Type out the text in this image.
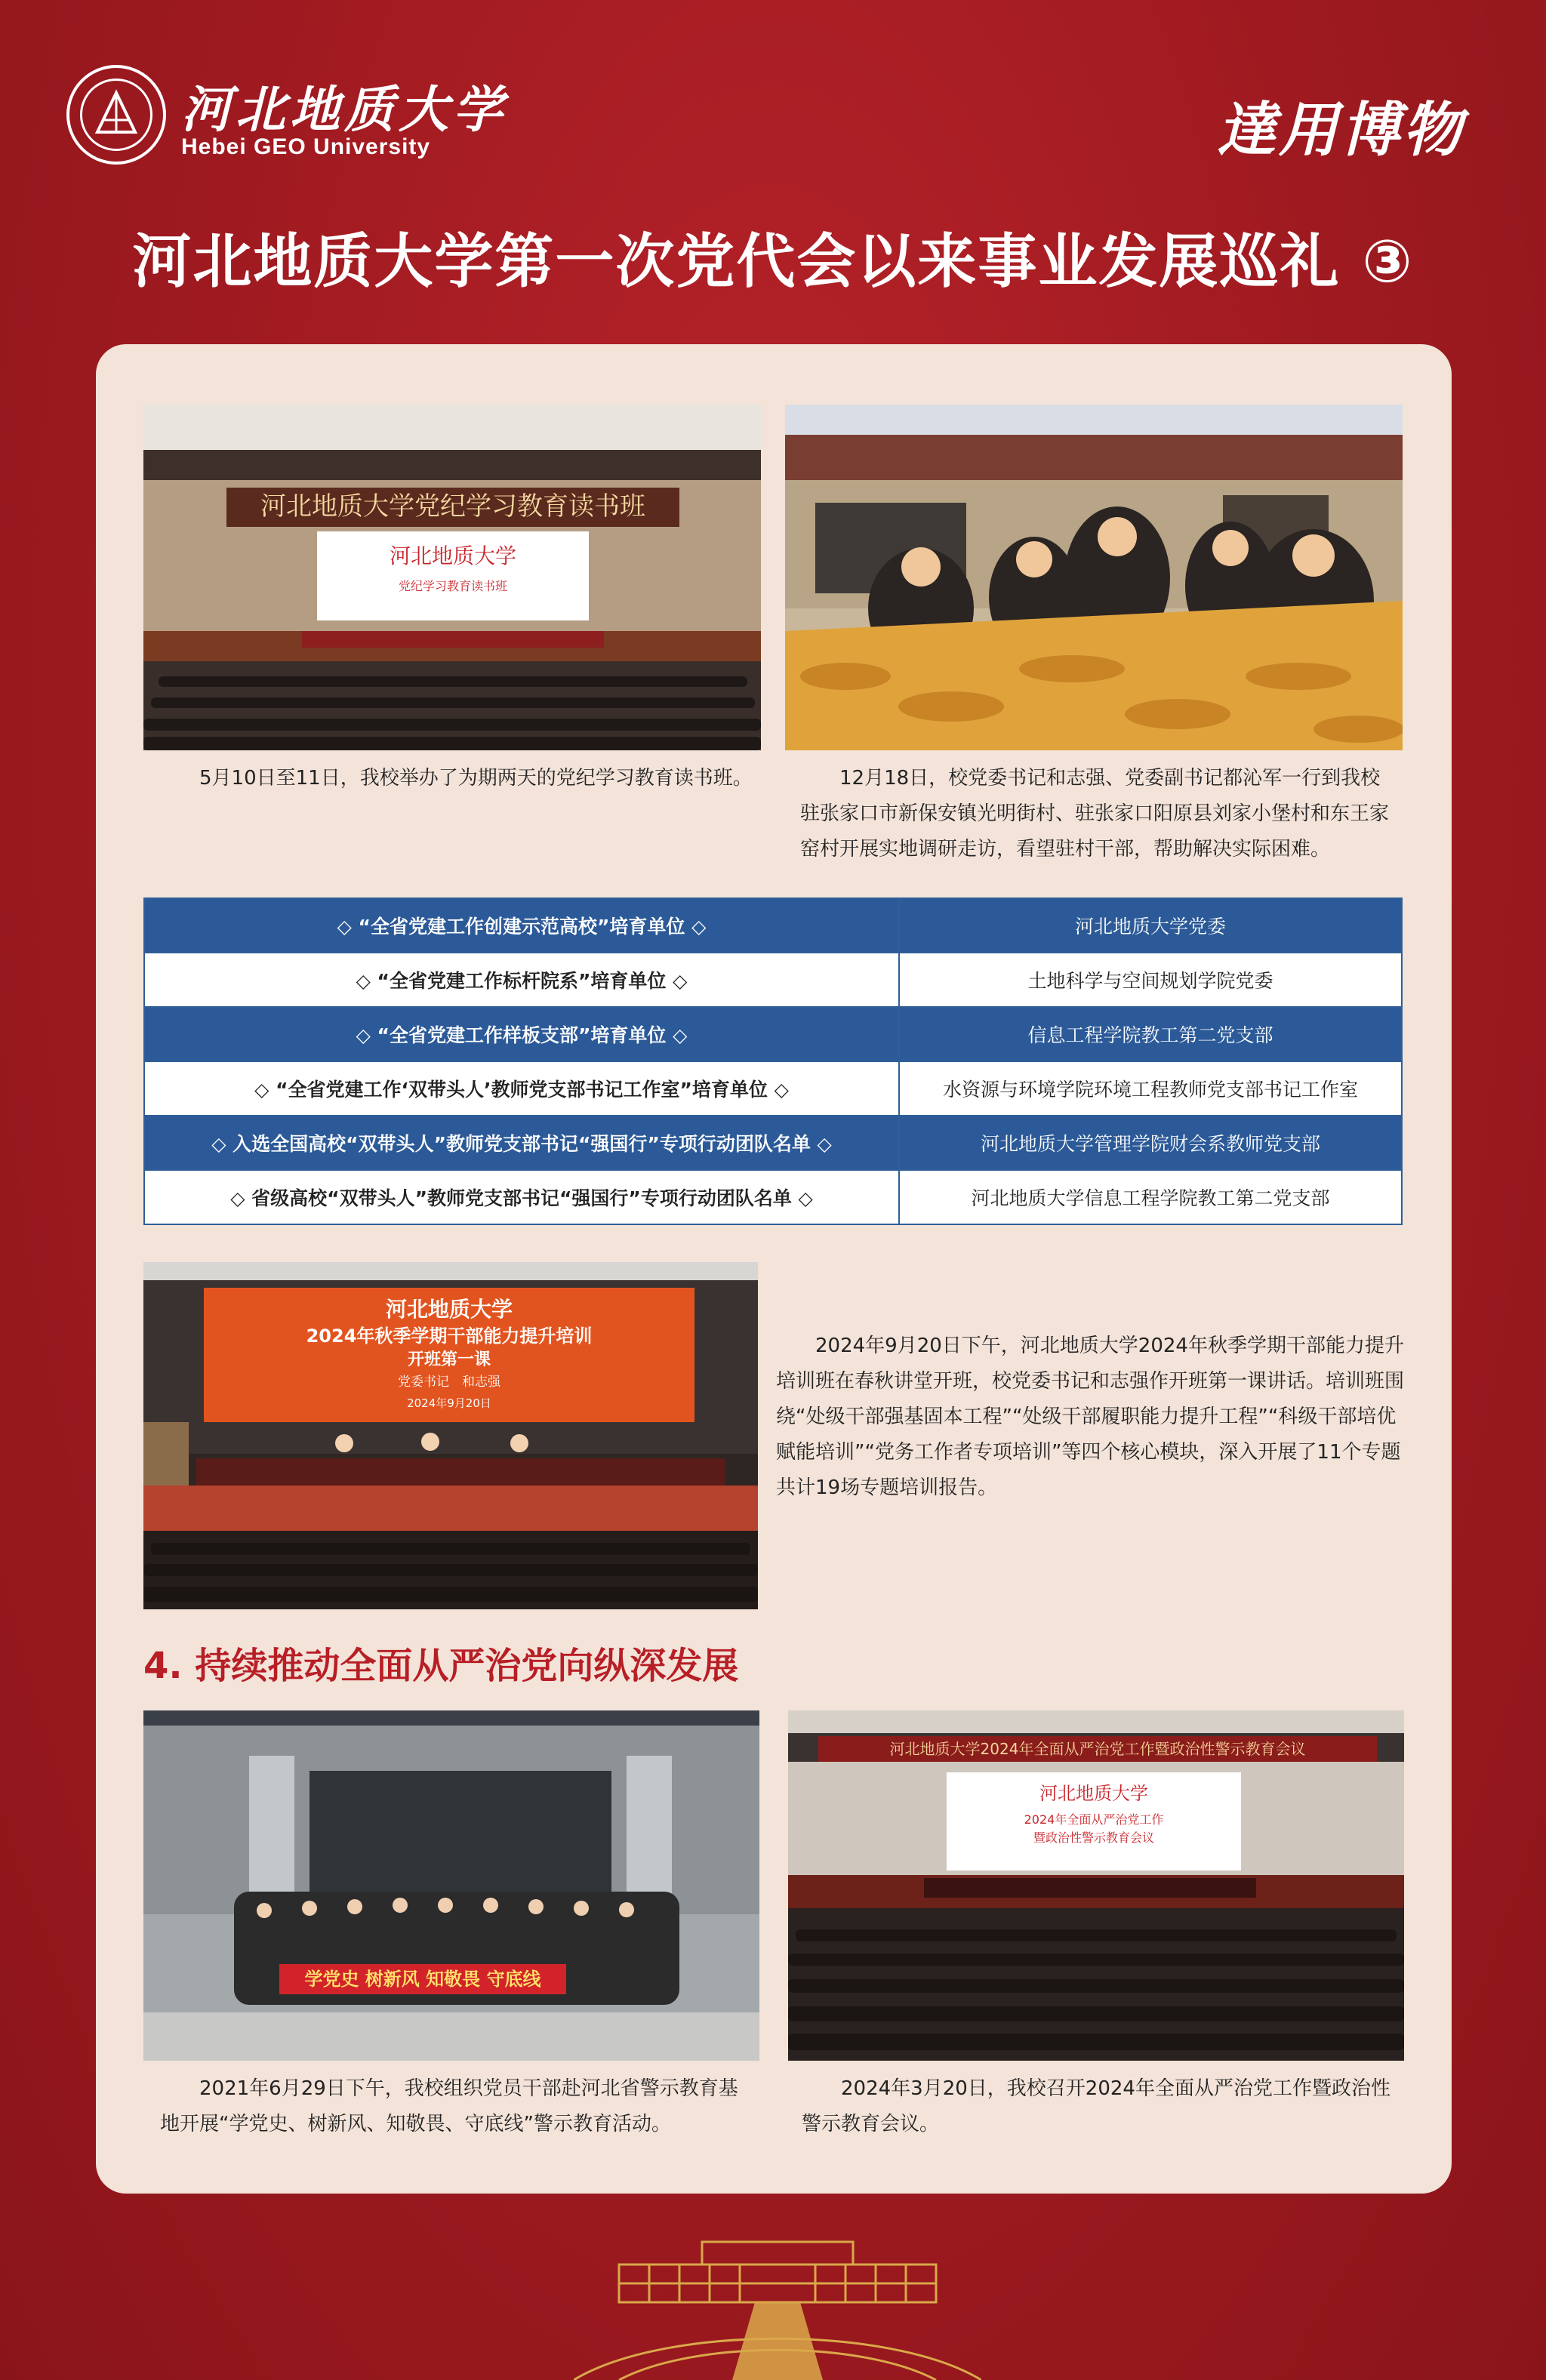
河北地质大学
Hebei GEO University	達用博物
河北地质大学第一次党代会以来事业发展巡礼 ③
河北地质大学党纪学习教育读书班
河北地质大学
党纪学习教育读书班
5月10日至11日，我校举办了为期两天的党纪学习教育读书班。	12月18日，校党委书记和志强、党委副书记都沁军一行到我校驻张家口市新保安镇光明街村、驻张家口阳原县刘家小堡村和东王家窑村开展实地调研走访，看望驻村干部，帮助解决实际困难。
◇ “全省党建工作创建示范高校”培育单位 ◇	河北地质大学党委
◇ “全省党建工作标杆院系”培育单位 ◇	土地科学与空间规划学院党委
◇ “全省党建工作样板支部”培育单位 ◇	信息工程学院教工第二党支部
◇ “全省党建工作‘双带头人’教师党支部书记工作室”培育单位 ◇	水资源与环境学院环境工程教师党支部书记工作室
◇ 入选全国高校“双带头人”教师党支部书记“强国行”专项行动团队名单 ◇	河北地质大学管理学院财会系教师党支部
◇ 省级高校“双带头人”教师党支部书记“强国行”专项行动团队名单 ◇	河北地质大学信息工程学院教工第二党支部
河北地质大学
2024年秋季学期干部能力提升培训
开班第一课
党委书记　和志强
2024年9月20日
2024年9月20日下午，河北地质大学2024年秋季学期干部能力提升培训班在春秋讲堂开班，校党委书记和志强作开班第一课讲话。培训班围绕“处级干部强基固本工程”“处级干部履职能力提升工程”“科级干部培优赋能培训”“党务工作者专项培训”等四个核心模块，深入开展了11个专题共计19场专题培训报告。
4. 持续推动全面从严治党向纵深发展
学党史 树新风 知敬畏 守底线
河北地质大学2024年全面从严治党工作暨政治性警示教育会议
河北地质大学
2024年全面从严治党工作
暨政治性警示教育会议
2021年6月29日下午，我校组织党员干部赴河北省警示教育基地开展“学党史、树新风、知敬畏、守底线”警示教育活动。
2024年3月20日，我校召开2024年全面从严治党工作暨政治性警示教育会议。
